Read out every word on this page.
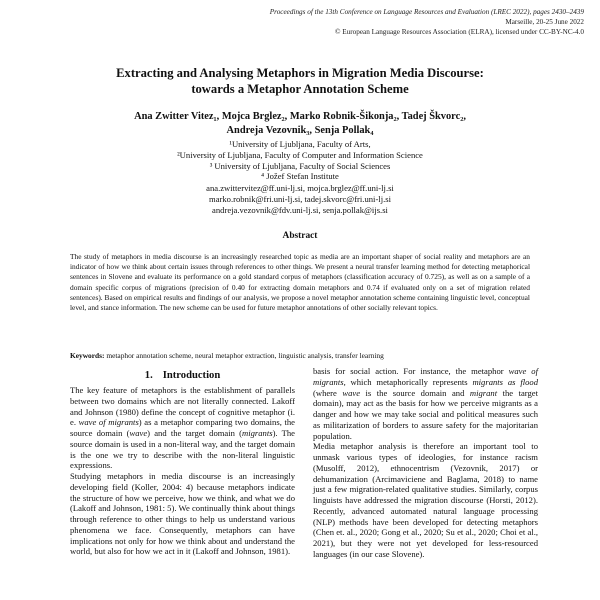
Proceedings of the 13th Conference on Language Resources and Evaluation (LREC 2022), pages 2430–2439
Marseille, 20-25 June 2022
© European Language Resources Association (ELRA), licensed under CC-BY-NC-4.0
Extracting and Analysing Metaphors in Migration Media Discourse:
towards a Metaphor Annotation Scheme
Ana Zwitter Vitez₁, Mojca Brglez₂, Marko Robnik-Šikonja₂, Tadej Škvorc₂,
Andreja Vezovnik₃, Senja Pollak₄
¹University of Ljubljana, Faculty of Arts,
²University of Ljubljana, Faculty of Computer and Information Science
³ University of Ljubljana, Faculty of Social Sciences
⁴ Jožef Stefan Institute
ana.zwittervitez@ff.uni-lj.si, mojca.brglez@ff.uni-lj.si
marko.robnik@fri.uni-lj.si, tadej.skvorc@fri.uni-lj.si
andreja.vezovnik@fdv.uni-lj.si, senja.pollak@ijs.si
Abstract
The study of metaphors in media discourse is an increasingly researched topic as media are an important shaper of social reality and metaphors are an indicator of how we think about certain issues through references to other things. We present a neural transfer learning method for detecting metaphorical sentences in Slovene and evaluate its performance on a gold standard corpus of metaphors (classification accuracy of 0.725), as well as on a sample of a domain specific corpus of migrations (precision of 0.40 for extracting domain metaphors and 0.74 if evaluated only on a set of migration related sentences). Based on empirical results and findings of our analysis, we propose a novel metaphor annotation scheme containing linguistic level, conceptual level, and stance information. The new scheme can be used for future metaphor annotations of other socially relevant topics.
Keywords: metaphor annotation scheme, neural metaphor extraction, linguistic analysis, transfer learning
1. Introduction

The key feature of metaphors is the establishment of parallels between two domains which are not literally connected. Lakoff and Johnson (1980) define the concept of cognitive metaphor (i. e. wave of migrants) as a metaphor comparing two domains, the source domain (wave) and the target domain (migrants). The source domain is used in a non-literal way, and the target domain is the one we try to describe with the non-literal linguistic expressions.

Studying metaphors in media discourse is an increasingly developing field (Koller, 2004: 4) because metaphors indicate the structure of how we perceive, how we think, and what we do (Lakoff and Johnson, 1981: 5). We continually think about things through reference to other things to help us understand various phenomena we face. Consequently, metaphors can have implications not only for how we think about and understand the world, but also for how we act in it (Lakoff and Johnson, 1981).

basis for social action. For instance, the metaphor wave of migrants, which metaphorically represents migrants as flood (where wave is the source domain and migrant the target domain), may act as the basis for how we perceive migrants as a danger and how we may take social and political measures such as militarization of borders to assure safety for the majoritarian population.

Media metaphor analysis is therefore an important tool to unmask various types of ideologies, for instance racism (Musolff, 2012), ethnocentrism (Vezovnik, 2017) or dehumanization (Arcimaviciene and Baglama, 2018) to name just a few migration-related qualitative studies. Similarly, corpus linguists have addressed the migration discourse (Horsti, 2012). Recently, advanced automated natural language processing (NLP) methods have been developed for detecting metaphors (Chen et. al., 2020; Gong et al., 2020; Su et al., 2020; Choi et al., 2021), but they were not yet developed for less-resourced languages (in our case Slovene).
